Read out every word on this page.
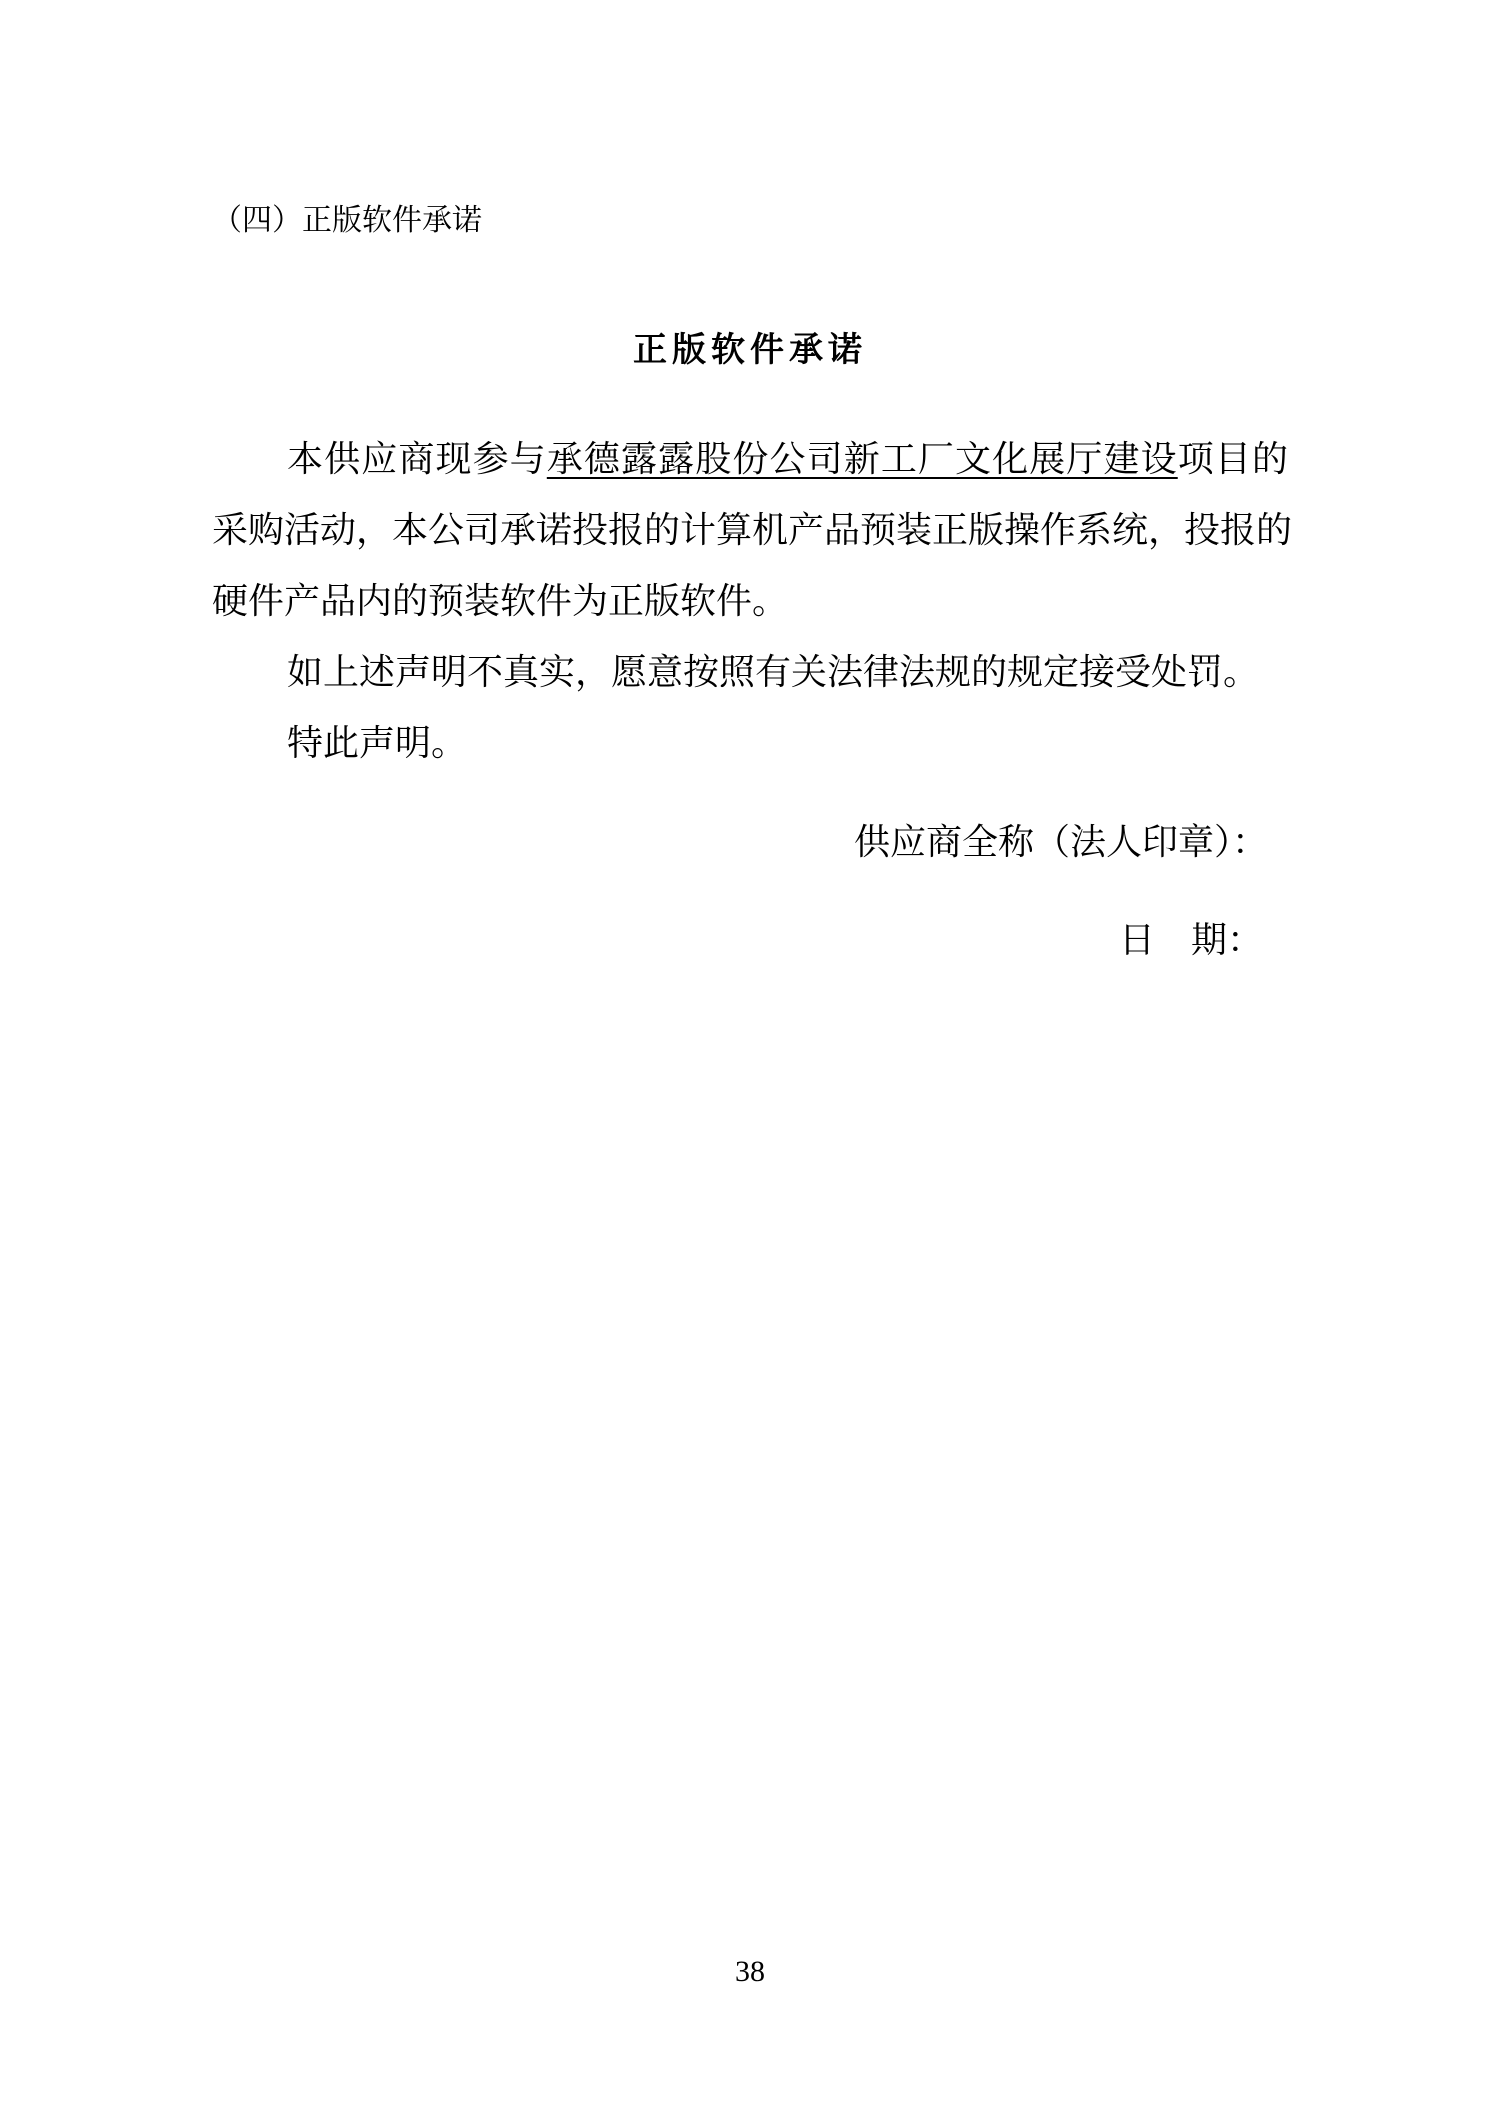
（四）正版软件承诺
正版软件承诺
本供应商现参与承德露露股份公司新工厂文化展厅建设项目的
采购活动，本公司承诺投报的计算机产品预装正版操作系统，投报的
硬件产品内的预装软件为正版软件。
如上述声明不真实，愿意按照有关法律法规的规定接受处罚。
特此声明。
供应商全称（法人印章）：
日　期：
38
